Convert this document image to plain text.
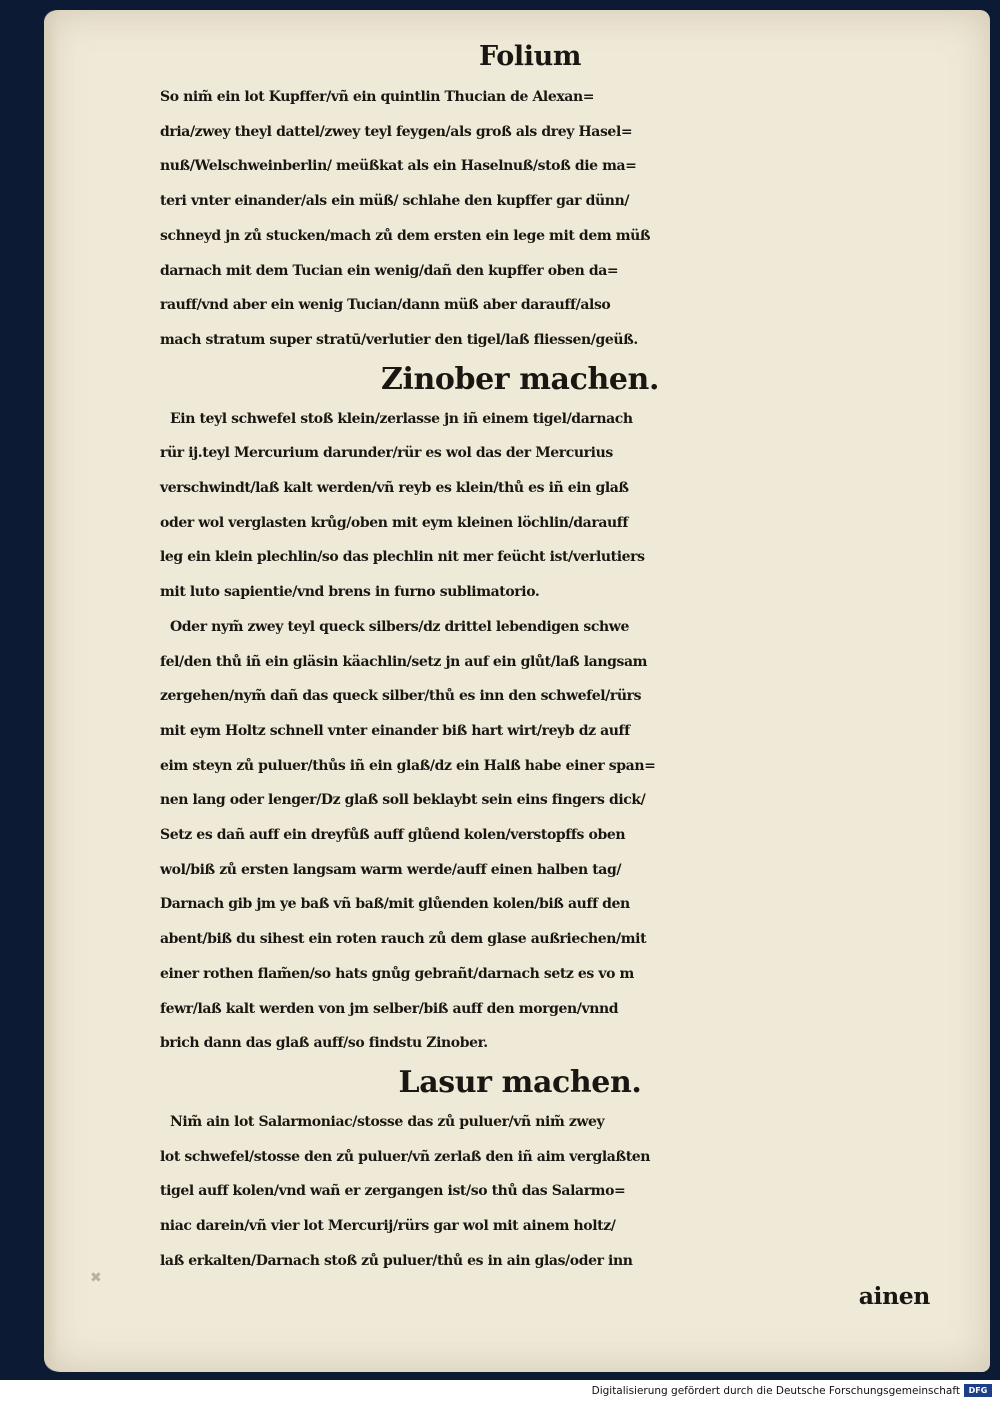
Folium
So nim̃ ein lot Kupffer/vñ ein quintlin Thucian de Alexan=
dria/zwey theyl dattel/zwey teyl feygen/als groß als drey Hasel=
nuß/Welschweinberlin/ meüßkat als ein Haselnuß/stoß die ma=
teri vnter einander/als ein müß/ schlahe den kupffer gar dünn/
schneyd jn zů stucken/mach zů dem ersten ein lege mit dem müß
darnach mit dem Tucian ein wenig/dañ den kupffer oben da=
rauff/vnd aber ein wenig Tucian/dann müß aber darauff/also
mach stratum super stratū/verlutier den tigel/laß fliessen/geüß.
Zinober machen.
Ein teyl schwefel stoß klein/zerlasse jn iñ einem tigel/darnach
rür ij.teyl Mercurium darunder/rür es wol das der Mercurius
verschwindt/laß kalt werden/vñ reyb es klein/thů es iñ ein glaß
oder wol verglasten krůg/oben mit eym kleinen löchlin/darauff
leg ein klein plechlin/so das plechlin nit mer feücht ist/verlutiers
mit luto sapientie/vnd brens in furno sublimatorio.
Oder nym̃ zwey teyl queck silbers/dz drittel lebendigen schwe
fel/den thů iñ ein gläsin käachlin/setz jn auf ein glůt/laß langsam
zergehen/nym̃ dañ das queck silber/thů es inn den schwefel/rürs
mit eym Holtz schnell vnter einander biß hart wirt/reyb dz auff
eim steyn zů puluer/thůs iñ ein glaß/dz ein Halß habe einer span=
nen lang oder lenger/Dz glaß soll beklaybt sein eins fingers dick/
Setz es dañ auff ein dreyfůß auff glůend kolen/verstopffs oben
wol/biß zů ersten langsam warm werde/auff einen halben tag/
Darnach gib jm ye baß vñ baß/mit glůenden kolen/biß auff den
abent/biß du sihest ein roten rauch zů dem glase außriechen/mit
einer rothen flam̃en/so hats gnůg gebrañt/darnach setz es vo m
fewr/laß kalt werden von jm selber/biß auff den morgen/vnnd
brich dann das glaß auff/so findstu Zinober.
Lasur machen.
Nim̃ ain lot Salarmoniac/stosse das zů puluer/vñ nim̃ zwey
lot schwefel/stosse den zů puluer/vñ zerlaß den iñ aim verglaßten
tigel auff kolen/vnd wañ er zergangen ist/so thů das Salarmo=
niac darein/vñ vier lot Mercurij/rürs gar wol mit ainem holtz/
laß erkalten/Darnach stoß zů puluer/thů es in ain glas/oder inn
ainen
✖
Digitalisierung gefördert durch die Deutsche Forschungsgemeinschaft	DFG
